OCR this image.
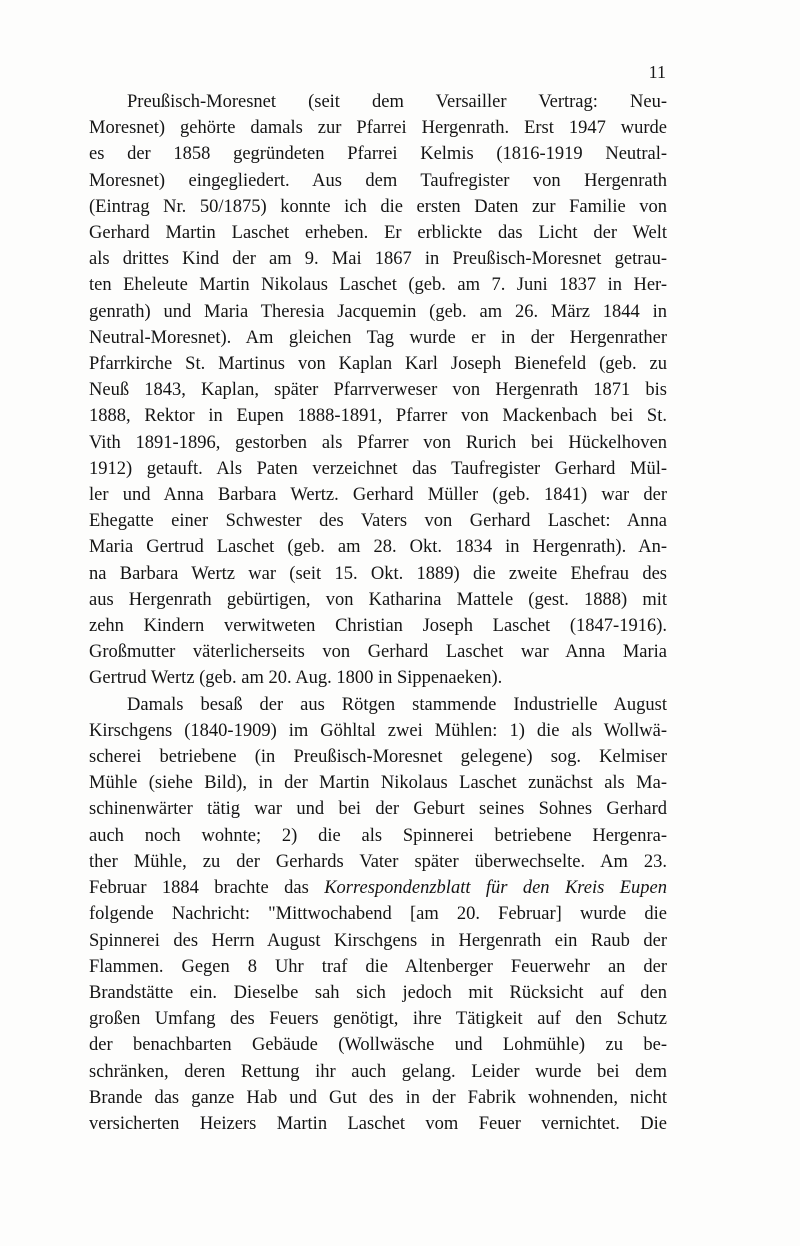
11
Preußisch-Moresnet (seit dem Versailler Vertrag: Neu-
Moresnet) gehörte damals zur Pfarrei Hergenrath. Erst 1947 wurde
es der 1858 gegründeten Pfarrei Kelmis (1816-1919 Neutral-
Moresnet) eingegliedert. Aus dem Taufregister von Hergenrath
(Eintrag Nr. 50/1875) konnte ich die ersten Daten zur Familie von
Gerhard Martin Laschet erheben. Er erblickte das Licht der Welt
als drittes Kind der am 9. Mai 1867 in Preußisch-Moresnet getrau-
ten Eheleute Martin Nikolaus Laschet (geb. am 7. Juni 1837 in Her-
genrath) und Maria Theresia Jacquemin (geb. am 26. März 1844 in
Neutral-Moresnet). Am gleichen Tag wurde er in der Hergenrather
Pfarrkirche St. Martinus von Kaplan Karl Joseph Bienefeld (geb. zu
Neuß 1843, Kaplan, später Pfarrverweser von Hergenrath 1871 bis
1888, Rektor in Eupen 1888-1891, Pfarrer von Mackenbach bei St.
Vith 1891-1896, gestorben als Pfarrer von Rurich bei Hückelhoven
1912) getauft. Als Paten verzeichnet das Taufregister Gerhard Mül-
ler und Anna Barbara Wertz. Gerhard Müller (geb. 1841) war der
Ehegatte einer Schwester des Vaters von Gerhard Laschet: Anna
Maria Gertrud Laschet (geb. am 28. Okt. 1834 in Hergenrath). An-
na Barbara Wertz war (seit 15. Okt. 1889) die zweite Ehefrau des
aus Hergenrath gebürtigen, von Katharina Mattele (gest. 1888) mit
zehn Kindern verwitweten Christian Joseph Laschet (1847-1916).
Großmutter väterlicherseits von Gerhard Laschet war Anna Maria
Gertrud Wertz (geb. am 20. Aug. 1800 in Sippenaeken).
Damals besaß der aus Rötgen stammende Industrielle August
Kirschgens (1840-1909) im Göhltal zwei Mühlen: 1) die als Wollwä-
scherei betriebene (in Preußisch-Moresnet gelegene) sog. Kelmiser
Mühle (siehe Bild), in der Martin Nikolaus Laschet zunächst als Ma-
schinenwärter tätig war und bei der Geburt seines Sohnes Gerhard
auch noch wohnte; 2) die als Spinnerei betriebene Hergenra-
ther Mühle, zu der Gerhards Vater später überwechselte. Am 23.
Februar 1884 brachte das Korrespondenzblatt für den Kreis Eupen
folgende Nachricht: "Mittwochabend [am 20. Februar] wurde die
Spinnerei des Herrn August Kirschgens in Hergenrath ein Raub der
Flammen. Gegen 8 Uhr traf die Altenberger Feuerwehr an der
Brandstätte ein. Dieselbe sah sich jedoch mit Rücksicht auf den
großen Umfang des Feuers genötigt, ihre Tätigkeit auf den Schutz
der benachbarten Gebäude (Wollwäsche und Lohmühle) zu be-
schränken, deren Rettung ihr auch gelang. Leider wurde bei dem
Brande das ganze Hab und Gut des in der Fabrik wohnenden, nicht
versicherten Heizers Martin Laschet vom Feuer vernichtet. Die
